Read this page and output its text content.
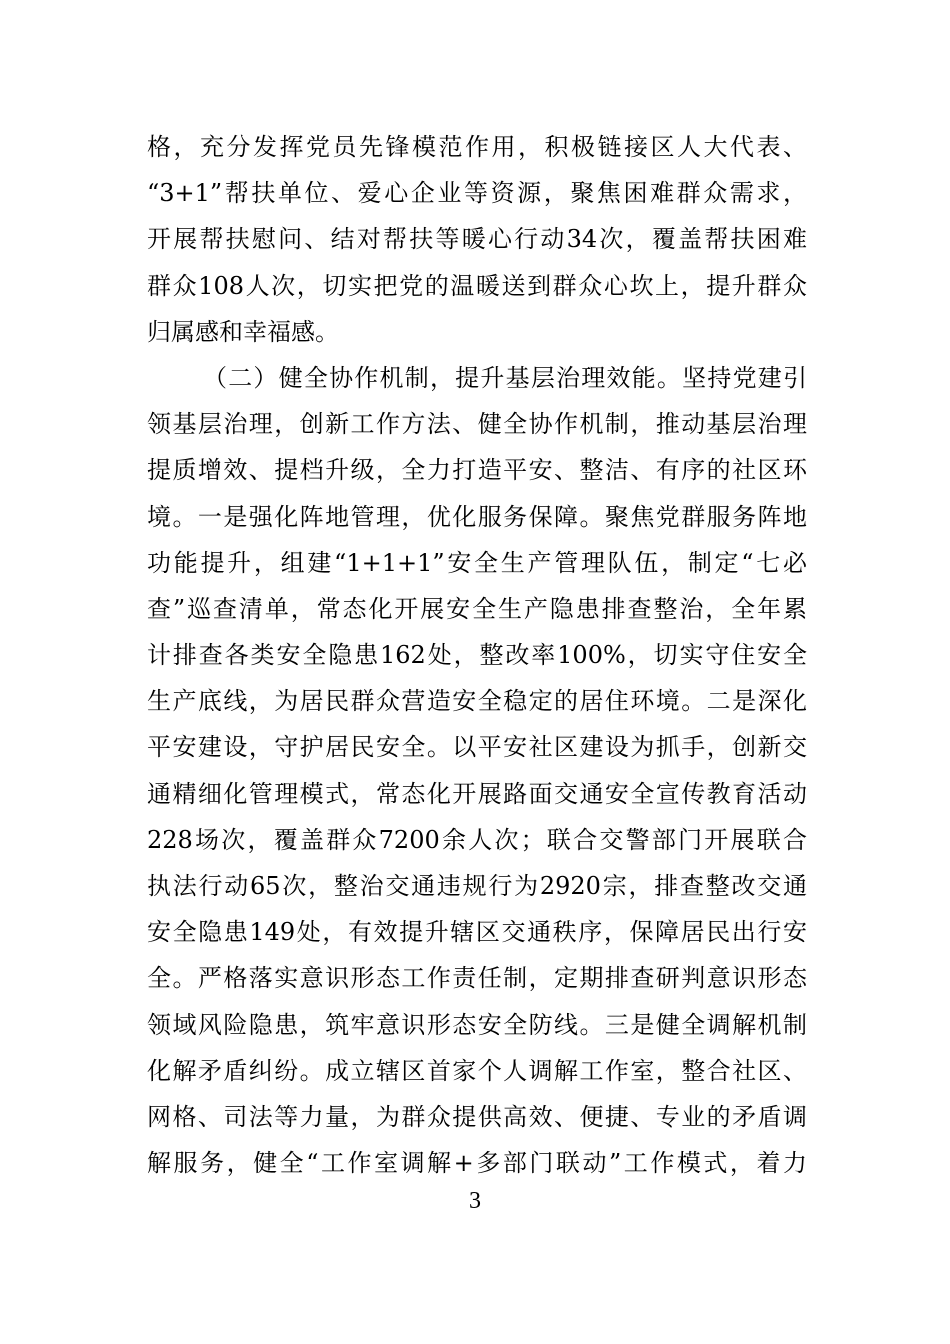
格，充分发挥党员先锋模范作用，积极链接区人大代表、
“3+1”帮扶单位、爱心企业等资源，聚焦困难群众需求，
开展帮扶慰问、结对帮扶等暖心行动34次，覆盖帮扶困难
群众108人次，切实把党的温暖送到群众心坎上，提升群众
归属感和幸福感。
（二）健全协作机制，提升基层治理效能。坚持党建引
领基层治理，创新工作方法、健全协作机制，推动基层治理
提质增效、提档升级，全力打造平安、整洁、有序的社区环
境。一是强化阵地管理，优化服务保障。聚焦党群服务阵地
功能提升，组建“1+1+1”安全生产管理队伍，制定“七必
查”巡查清单，常态化开展安全生产隐患排查整治，全年累
计排查各类安全隐患162处，整改率100%，切实守住安全
生产底线，为居民群众营造安全稳定的居住环境。二是深化
平安建设，守护居民安全。以平安社区建设为抓手，创新交
通精细化管理模式，常态化开展路面交通安全宣传教育活动
228场次，覆盖群众7200余人次；联合交警部门开展联合
执法行动65次，整治交通违规行为2920宗，排查整改交通
安全隐患149处，有效提升辖区交通秩序，保障居民出行安
全。严格落实意识形态工作责任制，定期排查研判意识形态
领域风险隐患，筑牢意识形态安全防线。三是健全调解机制
化解矛盾纠纷。成立辖区首家个人调解工作室，整合社区、
网格、司法等力量，为群众提供高效、便捷、专业的矛盾调
解服务，健全“工作室调解+多部门联动”工作模式，着力
3
